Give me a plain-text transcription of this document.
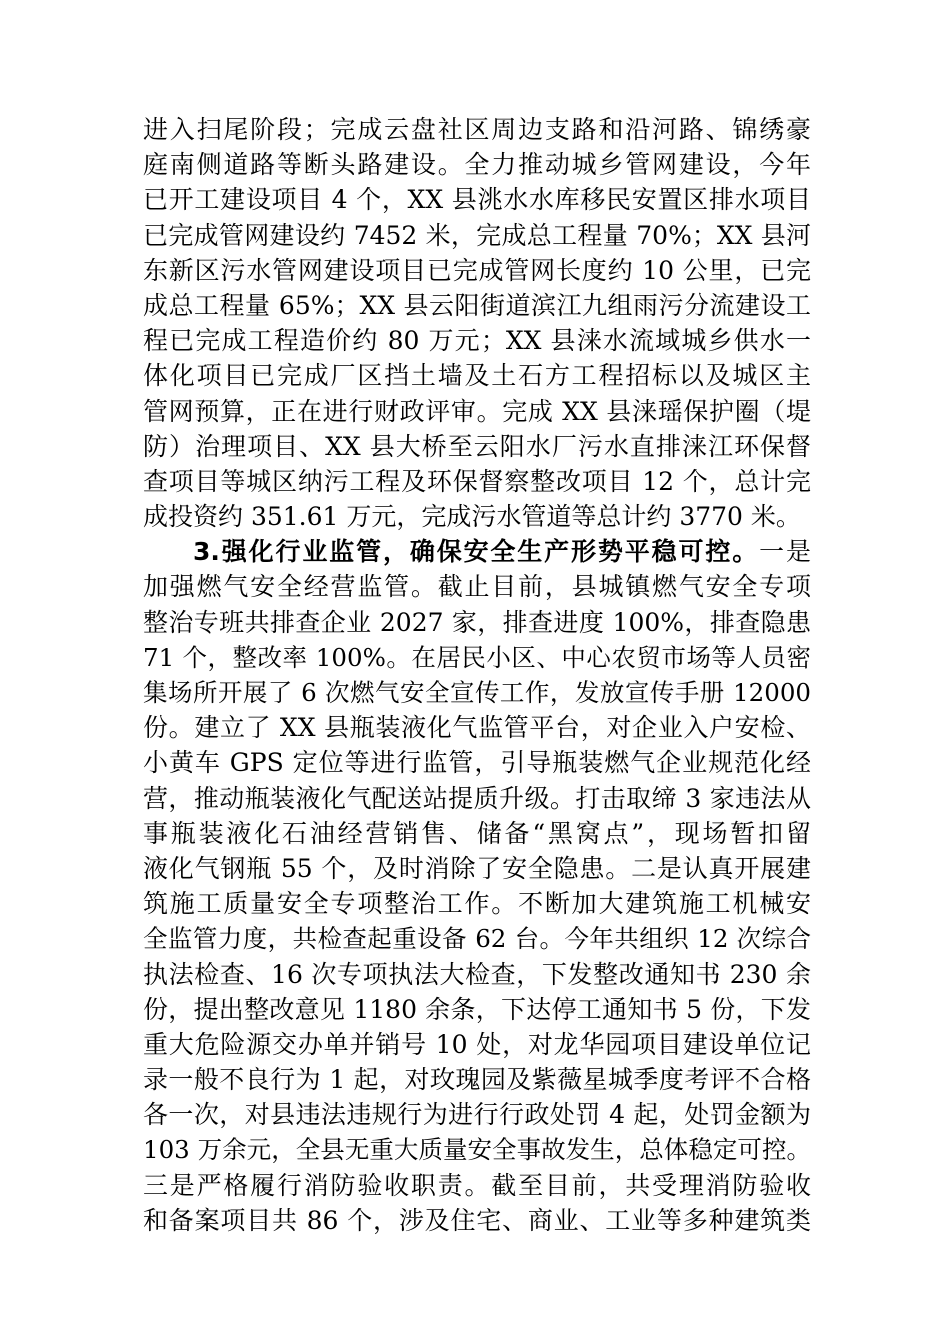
进入扫尾阶段；完成云盘社区周边支路和沿河路、锦绣豪
庭南侧道路等断头路建设。全力推动城乡管网建设，今年
已开工建设项目 4 个，XX 县洮水水库移民安置区排水项目
已完成管网建设约 7452 米，完成总工程量 70%；XX 县河
东新区污水管网建设项目已完成管网长度约 10 公里，已完
成总工程量 65%；XX 县云阳街道滨江九组雨污分流建设工
程已完成工程造价约 80 万元；XX 县涞水流域城乡供水一
体化项目已完成厂区挡土墙及土石方工程招标以及城区主
管网预算，正在进行财政评审。完成 XX 县涞瑶保护圈（堤
防）治理项目、XX 县大桥至云阳水厂污水直排涞江环保督
查项目等城区纳污工程及环保督察整改项目 12 个，总计完
成投资约 351.61 万元，完成污水管道等总计约 3770 米。
3.强化行业监管，确保安全生产形势平稳可控。一是
加强燃气安全经营监管。截止目前，县城镇燃气安全专项
整治专班共排查企业 2027 家，排查进度 100%，排查隐患
71 个，整改率 100%。在居民小区、中心农贸市场等人员密
集场所开展了 6 次燃气安全宣传工作，发放宣传手册 12000
份。建立了 XX 县瓶装液化气监管平台，对企业入户安检、
小黄车 GPS 定位等进行监管，引导瓶装燃气企业规范化经
营，推动瓶装液化气配送站提质升级。打击取缔 3 家违法从
事瓶装液化石油经营销售、储备“黑窝点”，现场暂扣留
液化气钢瓶 55 个，及时消除了安全隐患。二是认真开展建
筑施工质量安全专项整治工作。不断加大建筑施工机械安
全监管力度，共检查起重设备 62 台。今年共组织 12 次综合
执法检查、16 次专项执法大检查，下发整改通知书 230 余
份，提出整改意见 1180 余条，下达停工通知书 5 份，下发
重大危险源交办单并销号 10 处，对龙华园项目建设单位记
录一般不良行为 1 起，对玫瑰园及紫薇星城季度考评不合格
各一次，对县违法违规行为进行行政处罚 4 起，处罚金额为
103 万余元，全县无重大质量安全事故发生，总体稳定可控。
三是严格履行消防验收职责。截至目前，共受理消防验收
和备案项目共 86 个，涉及住宅、商业、工业等多种建筑类
